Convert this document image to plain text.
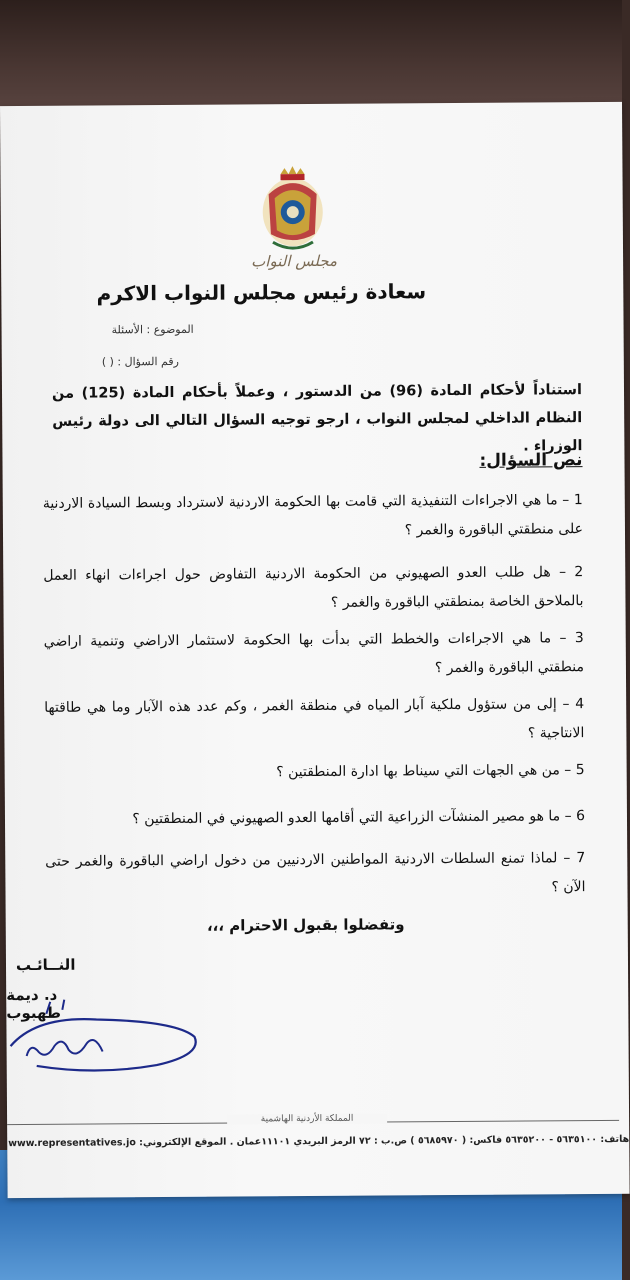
مجلس النواب
سعادة رئيس مجلس النواب الاكرم
الموضوع : الأسئلة
رقم السؤال : ( )
استناداً لأحكام المادة (96) من الدستور ، وعملاً بأحكام المادة (125) من النظام الداخلي لمجلس النواب ، ارجو توجيه السؤال التالي الى دولة رئيس الوزراء .
نص السؤال:
1 – ما هي الاجراءات التنفيذية التي قامت بها الحكومة الاردنية لاسترداد وبسط السيادة الاردنية على منطقتي الباقورة والغمر ؟
2 – هل طلب العدو الصهيوني من الحكومة الاردنية التفاوض حول اجراءات انهاء العمل بالملاحق الخاصة بمنطقتي الباقورة والغمر ؟
3 – ما هي الاجراءات والخطط التي بدأت بها الحكومة لاستثمار الاراضي وتنمية اراضي منطقتي الباقورة والغمر ؟
4 – إلى من ستؤول ملكية آبار المياه في منطقة الغمر ، وكم عدد هذه الآبار وما هي طاقتها الانتاجية ؟
5 – من هي الجهات التي سيناط بها ادارة المنطقتين ؟
6 – ما هو مصير المنشآت الزراعية التي أقامها العدو الصهيوني في المنطقتين ؟
7 – لماذا تمنع السلطات الاردنية المواطنين الاردنيين من دخول اراضي الباقورة والغمر حتى الآن ؟
وتفضلوا بقبول الاحترام ،،،
النــائـب
د. ديمة طهبوب
المملكة الأردنية الهاشمية
هاتف: ٥٦٣٥١٠٠ - ٥٦٣٥٢٠٠ فاكس: ( ٥٦٨٥٩٧٠ ) ص.ب : ٧٢ الرمز البريدي ١١١٠١عمان . الموقع الإلكتروني: www.representatives.jo
